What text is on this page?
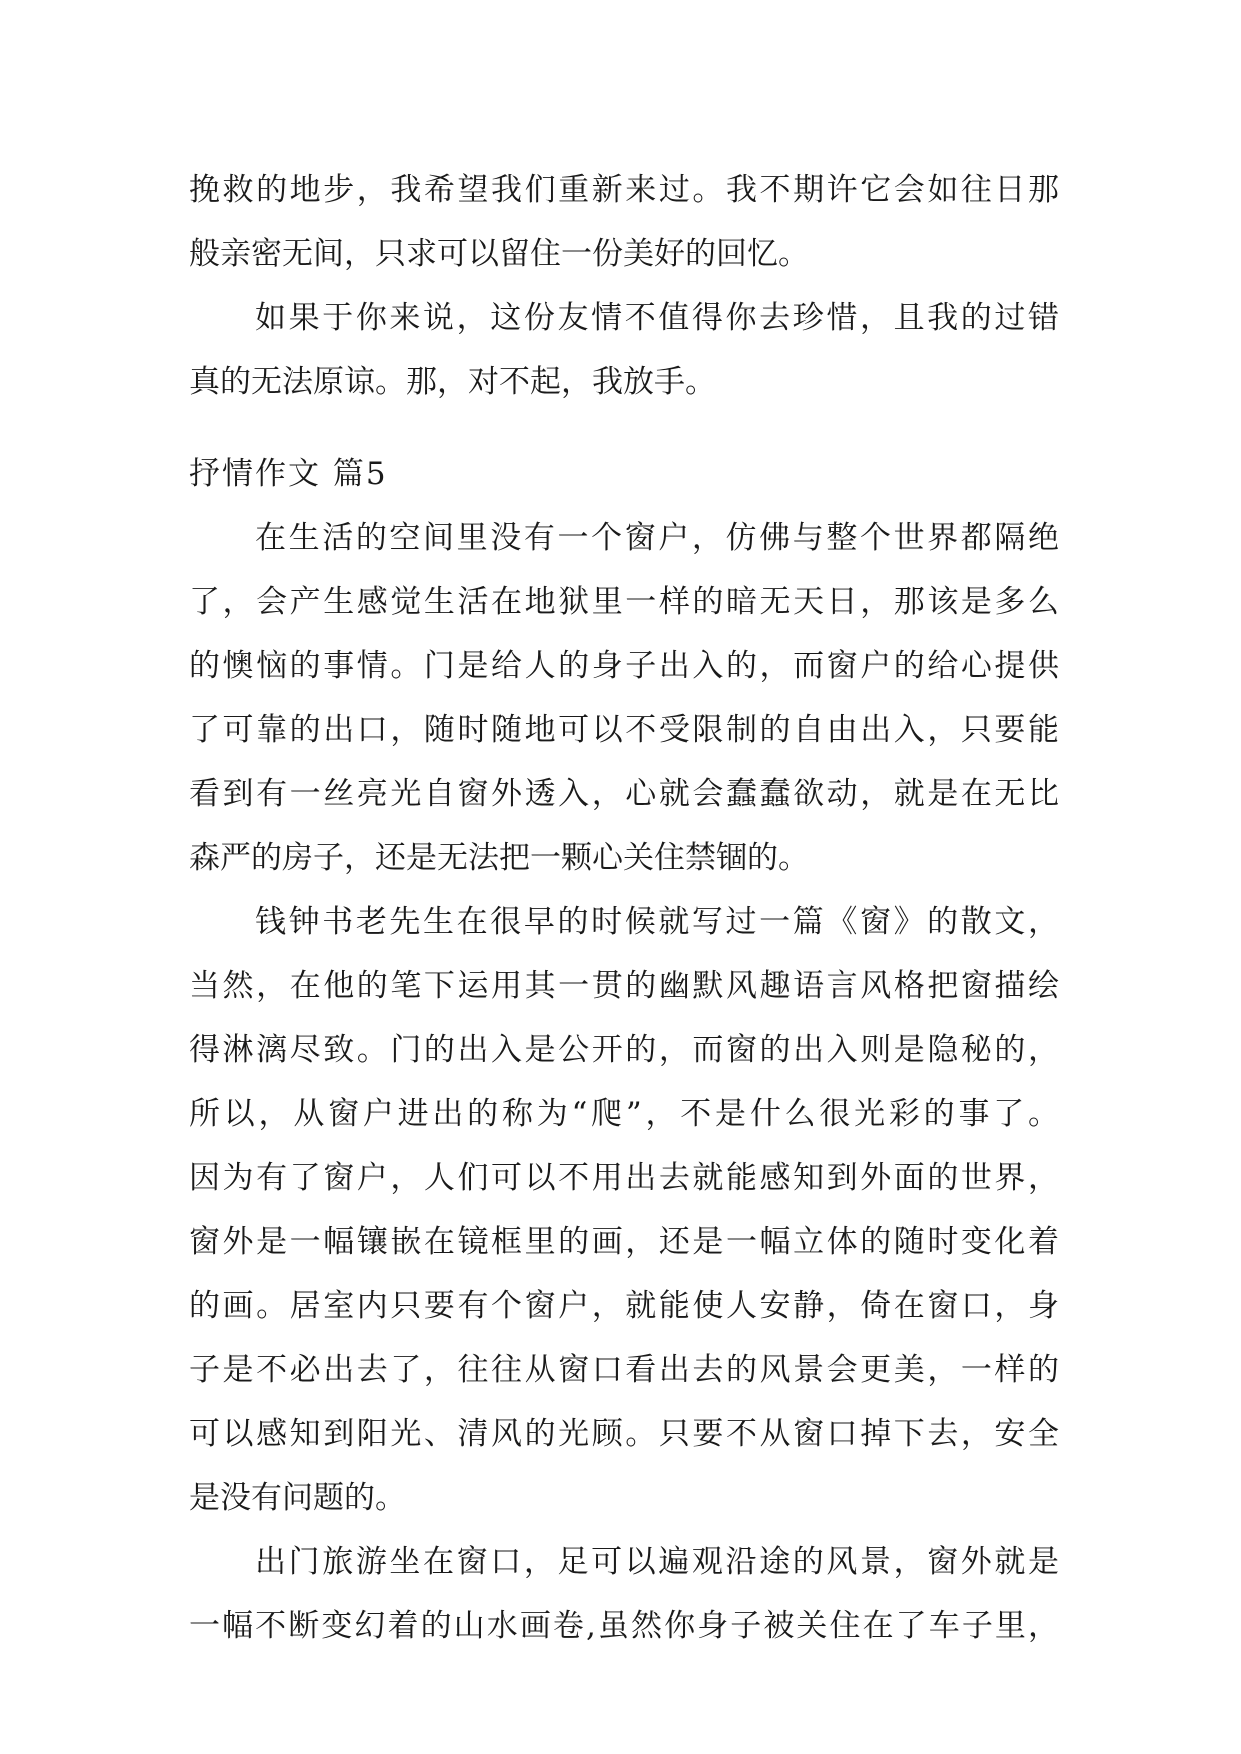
挽救的地步，我希望我们重新来过。我不期许它会如往日那
般亲密无间，只求可以留住一份美好的回忆。
如果于你来说，这份友情不值得你去珍惜，且我的过错
真的无法原谅。那，对不起，我放手。
抒情作文 篇5
在生活的空间里没有一个窗户，仿佛与整个世界都隔绝
了，会产生感觉生活在地狱里一样的暗无天日，那该是多么
的懊恼的事情。门是给人的身子出入的，而窗户的给心提供
了可靠的出口，随时随地可以不受限制的自由出入，只要能
看到有一丝亮光自窗外透入，心就会蠢蠢欲动，就是在无比
森严的房子，还是无法把一颗心关住禁锢的。
钱钟书老先生在很早的时候就写过一篇《窗》的散文，
当然，在他的笔下运用其一贯的幽默风趣语言风格把窗描绘
得淋漓尽致。门的出入是公开的，而窗的出入则是隐秘的，
所以，从窗户进出的称为“爬”，不是什么很光彩的事了。
因为有了窗户，人们可以不用出去就能感知到外面的世界，
窗外是一幅镶嵌在镜框里的画，还是一幅立体的随时变化着
的画。居室内只要有个窗户，就能使人安静，倚在窗口，身
子是不必出去了，往往从窗口看出去的风景会更美，一样的
可以感知到阳光、清风的光顾。只要不从窗口掉下去，安全
是没有问题的。
出门旅游坐在窗口，足可以遍观沿途的风景，窗外就是
一幅不断变幻着的山水画卷,虽然你身子被关住在了车子里，
